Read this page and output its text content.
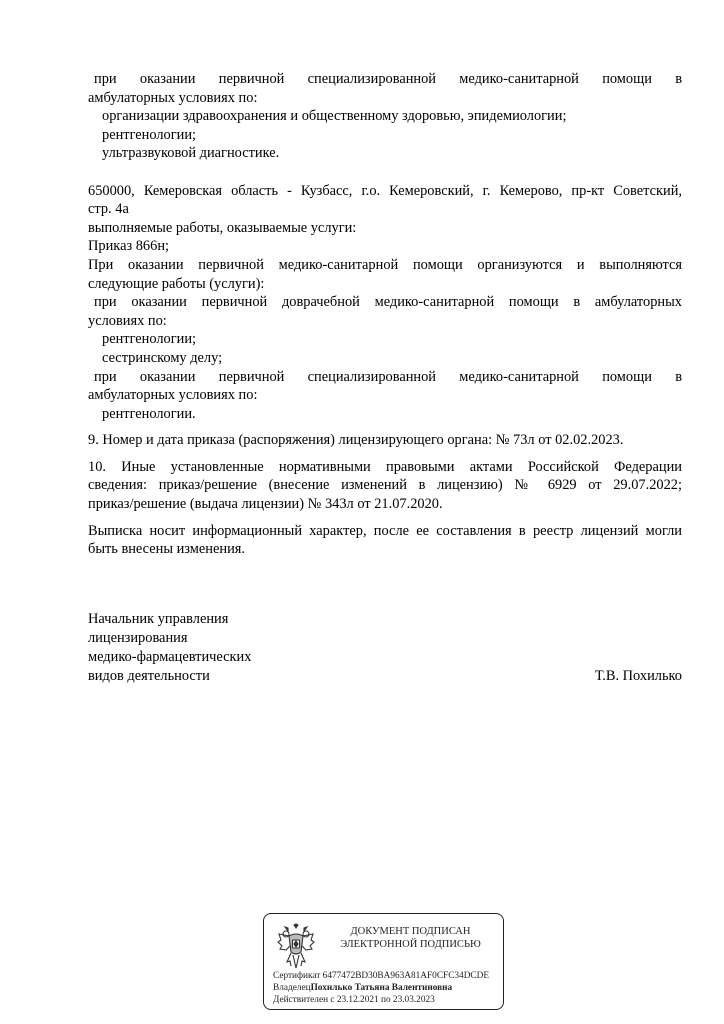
при оказании первичной специализированной медико-санитарной помощи в
амбулаторных условиях по:
организации здравоохранения и общественному здоровью, эпидемиологии;
рентгенологии;
ультразвуковой диагностике.
650000, Кемеровская область - Кузбасс, г.о. Кемеровский, г. Кемерово, пр-кт Советский,
стр. 4а
выполняемые работы, оказываемые услуги:
Приказ 866н;
При оказании первичной медико-санитарной помощи организуются и выполняются
следующие работы (услуги):
при оказании первичной доврачебной медико-санитарной помощи в амбулаторных
условиях по:
рентгенологии;
сестринскому делу;
при оказании первичной специализированной медико-санитарной помощи в
амбулаторных условиях по:
рентгенологии.
9. Номер и дата приказа (распоряжения) лицензирующего органа: № 73л от 02.02.2023.
10. Иные установленные нормативными правовыми актами Российской Федерации
сведения: приказ/решение (внесение изменений в лицензию) № 6929 от 29.07.2022;
приказ/решение (выдача лицензии) № 343л от 21.07.2020.
Выписка носит информационный характер, после ее составления в реестр лицензий могли
быть внесены изменения.
Начальник управления
лицензирования
медико-фармацевтических
видов деятельности	Т.В. Похилько
ДОКУМЕНТ ПОДПИСАН
ЭЛЕКТРОННОЙ ПОДПИСЬЮ
Сертификат 6477472BD30BA963A81AF0CFC34DCDE
ВладелецПохилько Татьяна Валентиновна
Действителен с 23.12.2021 по 23.03.2023
